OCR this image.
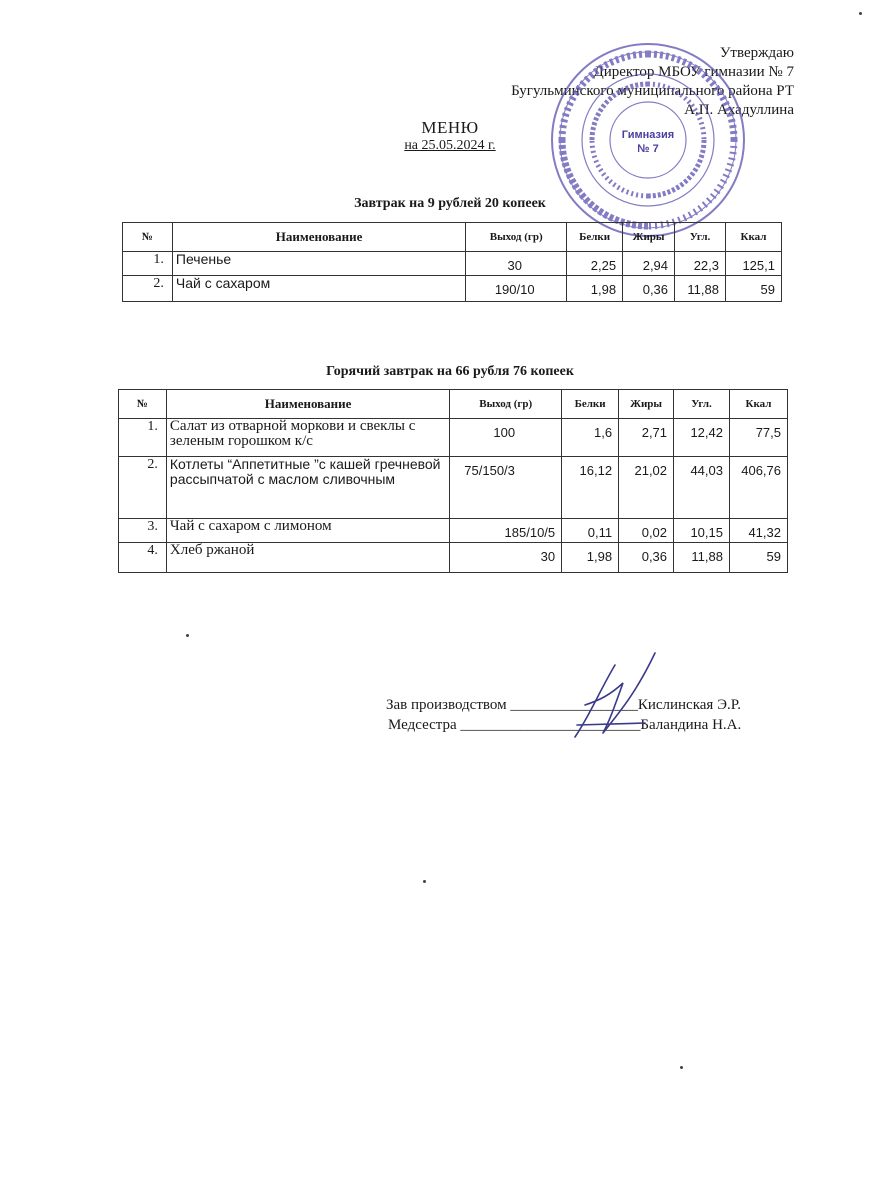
Утверждаю
Директор МБОУ гимназии № 7
Бугульминского муниципального района РТ
А.П. Ахадуллина
Гимназия
№ 7
МЕНЮ
на 25.05.2024 г.
Завтрак на 9 рублей 20 копеек
№	Наименование	Выход (гр)	Белки	Жиры	Угл.	Ккал
1.	Печенье	30	2,25	2,94	22,3	125,1
2.	Чай с сахаром	190/10	1,98	0,36	11,88	59
Горячий завтрак на 66 рубля 76 копеек
№	Наименование	Выход (гр)	Белки	Жиры	Угл.	Ккал
1.	Салат из отварной моркови и свеклы с зеленым горошком к/с	100	1,6	2,71	12,42	77,5
2.	Котлеты “Аппетитные ”с кашей гречневой рассыпчатой с маслом сливочным	75/150/3	16,12	21,02	44,03	406,76
3.	Чай с сахаром с лимоном	185/10/5	0,11	0,02	10,15	41,32
4.	Хлеб ржаной	30	1,98	0,36	11,88	59
Зав производством _________________Кислинская Э.Р.
Медсестра ________________________Баландина Н.А.
